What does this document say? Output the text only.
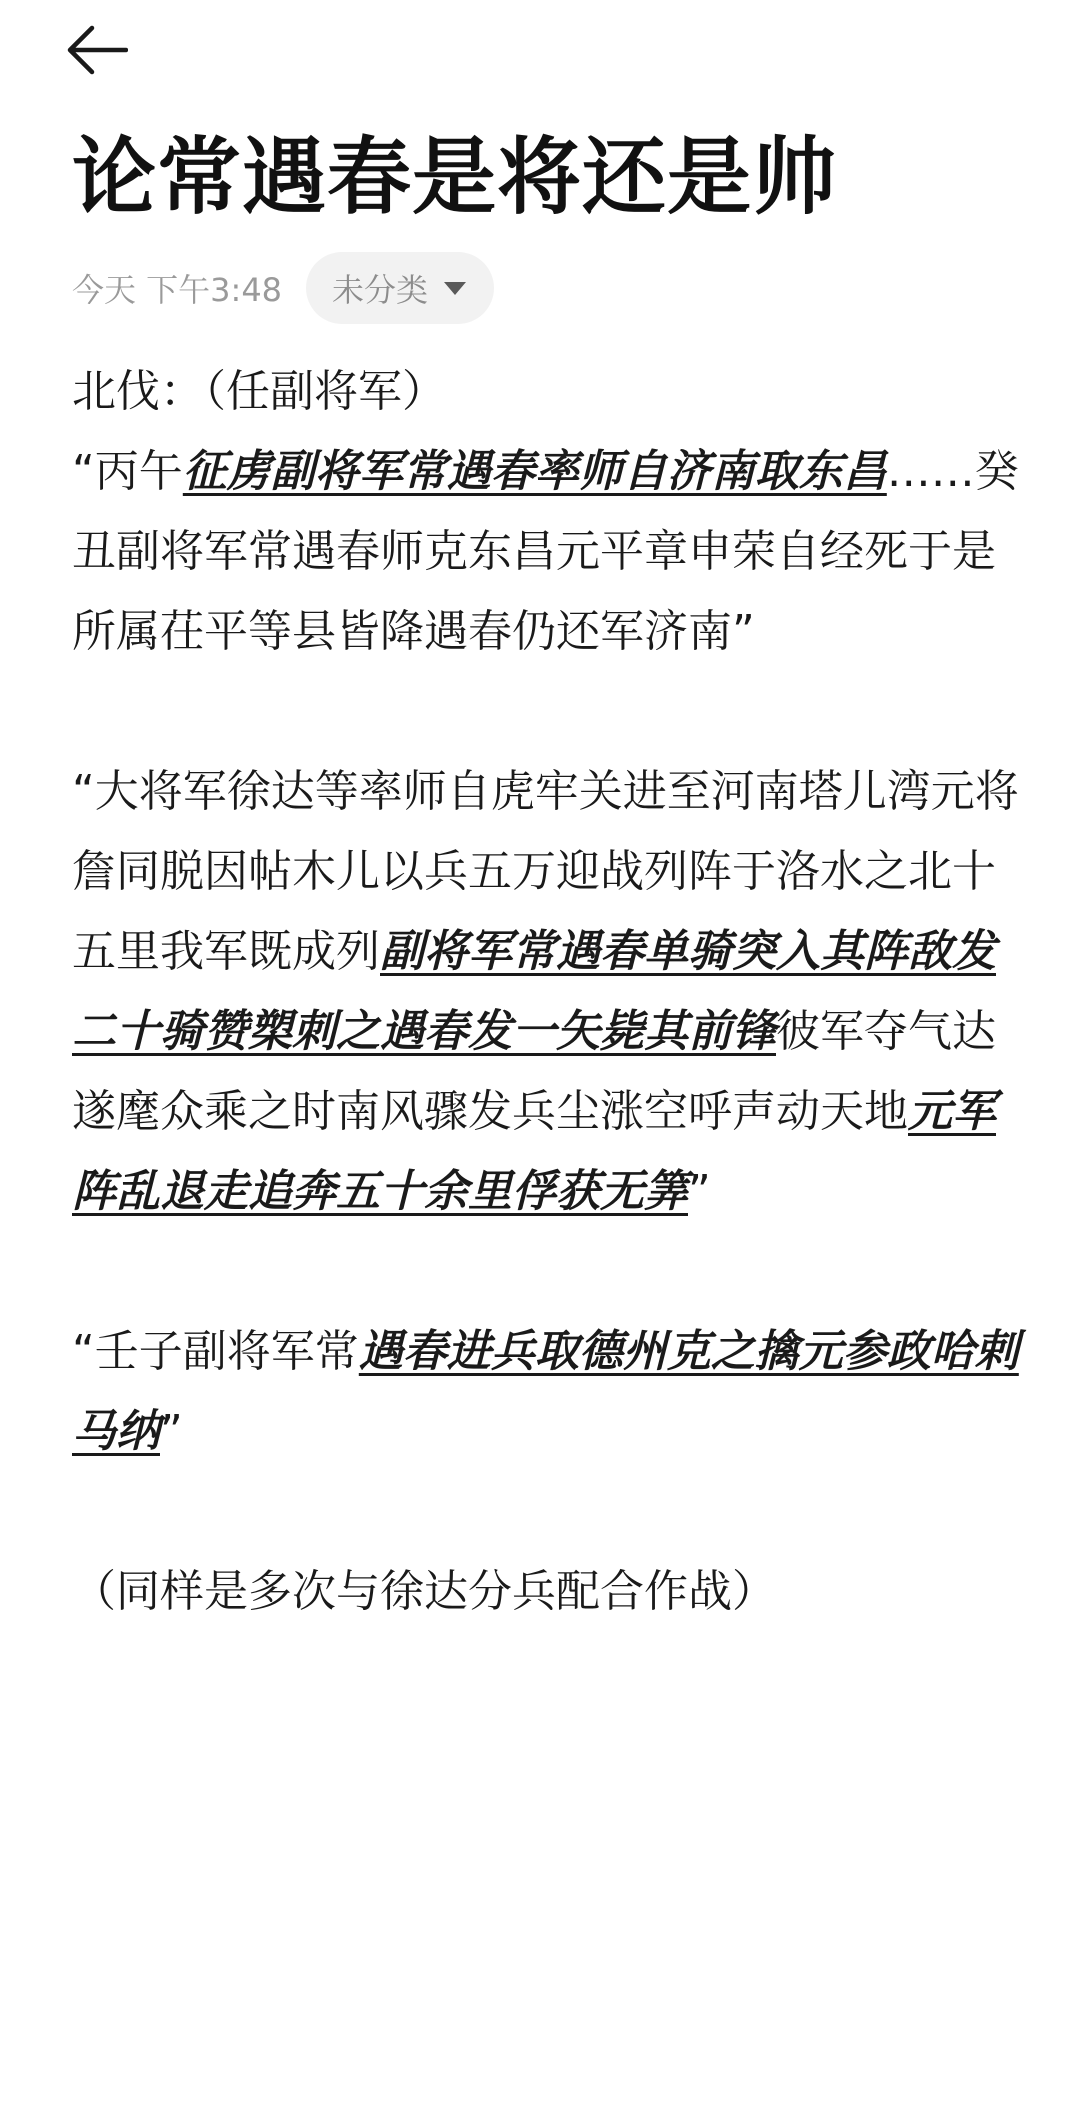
论常遇春是将还是帅
今天 下午3:48 未分类

北伐：（任副将军）

“丙午征虏副将军常遇春率师自济南取东昌……癸丑副将军常遇春师克东昌元平章申荣自经死于是所属茌平等县皆降遇春仍还军济南”

“大将军徐达等率师自虎牢关进至河南塔儿湾元将詹同脱因帖木儿以兵五万迎战列阵于洛水之北十五里我军既成列副将军常遇春单骑突入其阵敌发二十骑赞槊刺之遇春发一矢毙其前锋彼军夺气达遂麾众乘之时南风骤发兵尘涨空呼声动天地元军阵乱退走追奔五十余里俘获无筭”

“壬子副将军常遇春进兵取德州克之擒元参政哈剌马纳”

（同样是多次与徐达分兵配合作战）
